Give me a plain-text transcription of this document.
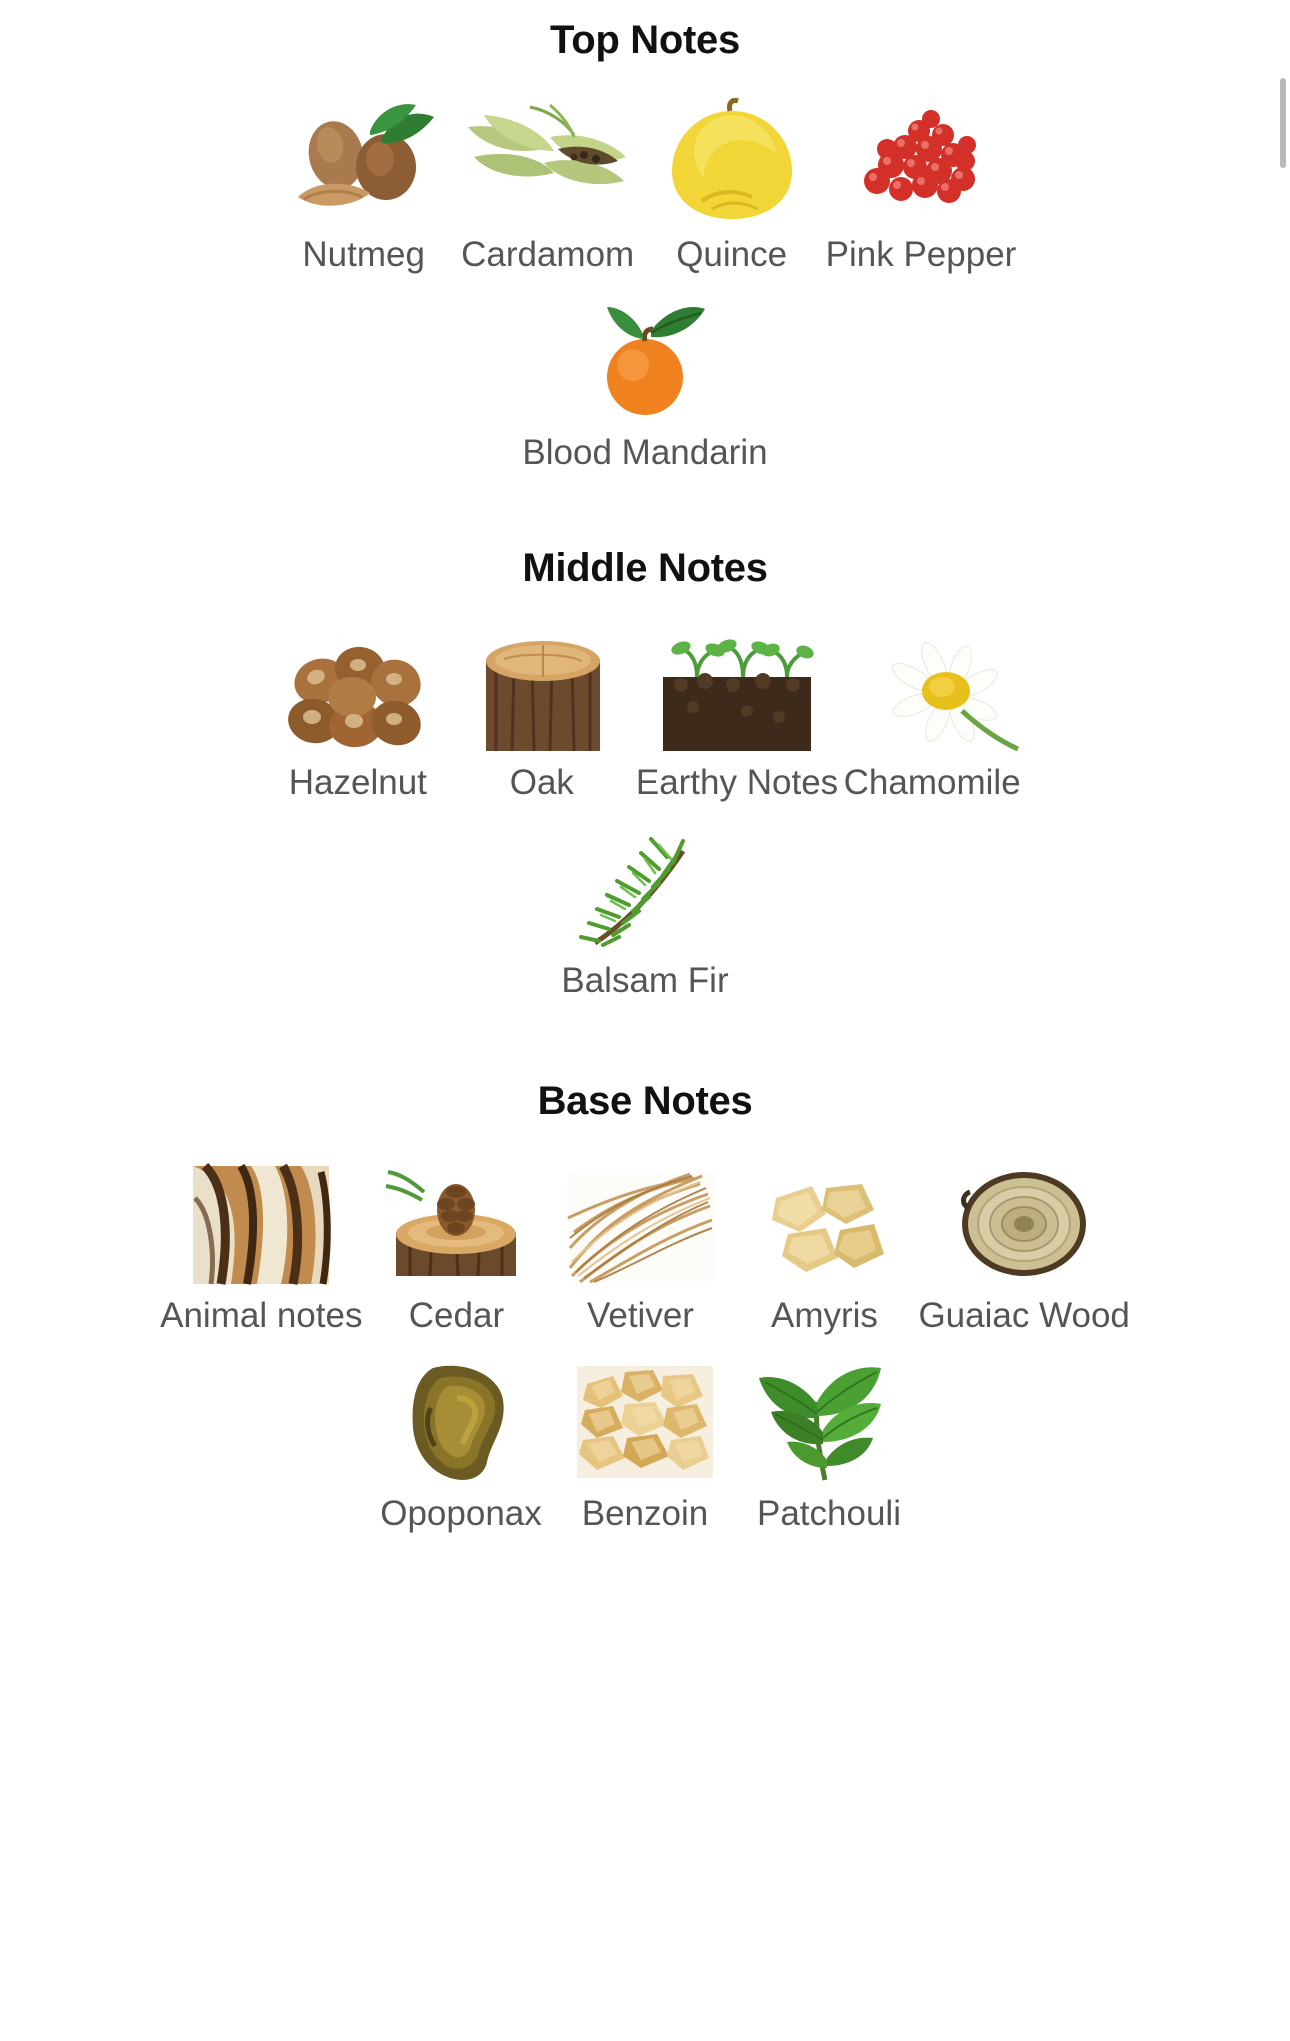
Top Notes
Nutmeg Cardamom Quince Pink Pepper
Blood Mandarin
Middle Notes
Hazelnut Oak Earthy Notes Chamomile
Balsam Fir
Base Notes
Animal notes Cedar Vetiver Amyris Guaiac Wood
Opoponax Benzoin Patchouli
